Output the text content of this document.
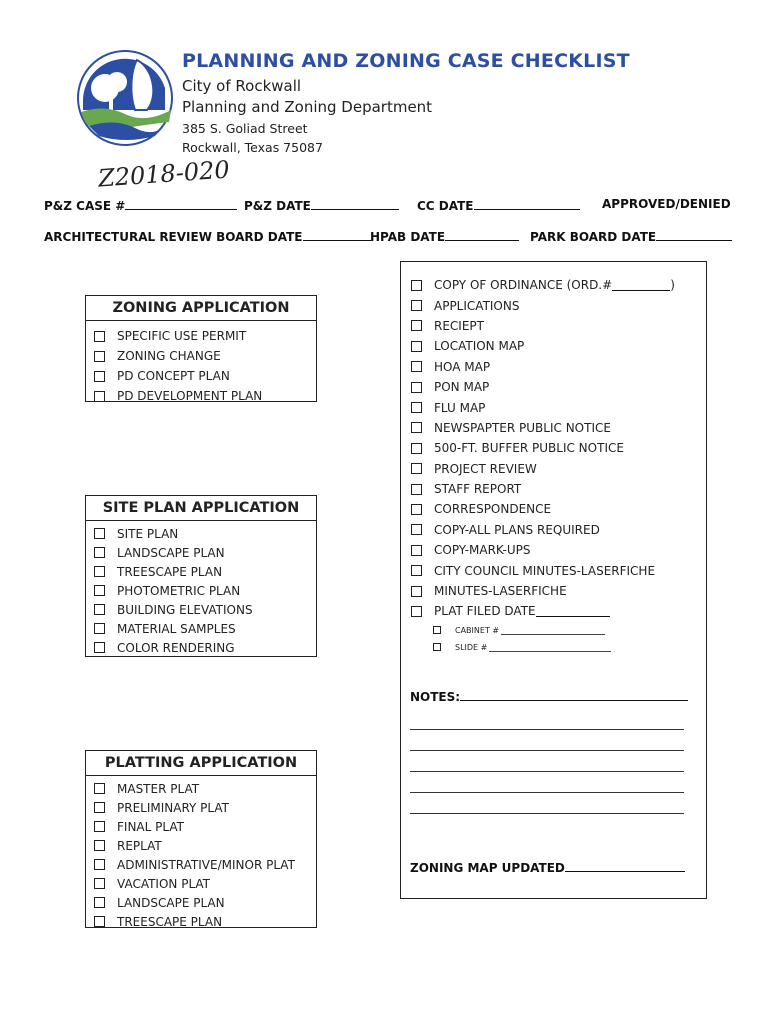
PLANNING AND ZONING CASE CHECKLIST
City of Rockwall
Planning and Zoning Department
385 S. Goliad Street
Rockwall, Texas 75087
Z2018-020
P&Z CASE #	P&Z DATE	CC DATE	APPROVED/DENIED
ARCHITECTURAL REVIEW BOARD DATE	HPAB DATE	PARK BOARD DATE
ZONING APPLICATION
SPECIFIC USE PERMIT
ZONING CHANGE
PD CONCEPT PLAN
PD DEVELOPMENT PLAN
SITE PLAN APPLICATION
SITE PLAN
LANDSCAPE PLAN
TREESCAPE PLAN
PHOTOMETRIC PLAN
BUILDING ELEVATIONS
MATERIAL SAMPLES
COLOR RENDERING
PLATTING APPLICATION
MASTER PLAT
PRELIMINARY PLAT
FINAL PLAT
REPLAT
ADMINISTRATIVE/MINOR PLAT
VACATION PLAT
LANDSCAPE PLAN
TREESCAPE PLAN
COPY OF ORDINANCE (ORD.#	)
APPLICATIONS
RECIEPT
LOCATION MAP
HOA MAP
PON MAP
FLU MAP
NEWSPAPTER PUBLIC NOTICE
500-FT. BUFFER PUBLIC NOTICE
PROJECT REVIEW
STAFF REPORT
CORRESPONDENCE
COPY-ALL PLANS REQUIRED
COPY-MARK-UPS
CITY COUNCIL MINUTES-LASERFICHE
MINUTES-LASERFICHE
PLAT FILED DATE
CABINET #
SLIDE #
NOTES:
ZONING MAP UPDATED
